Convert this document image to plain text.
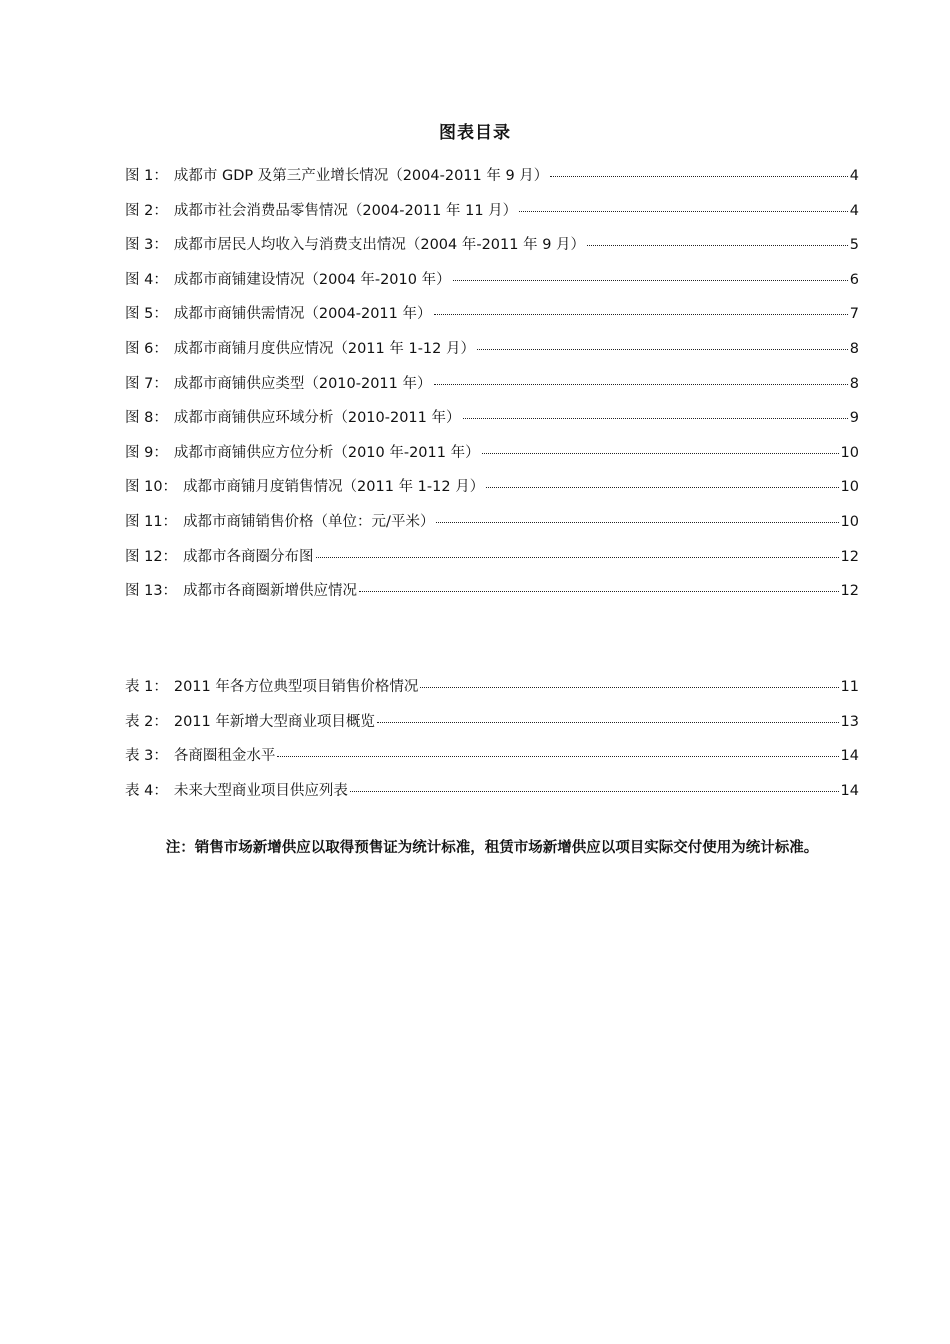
图表目录
图 1： 成都市 GDP 及第三产业增长情况（2004-2011 年 9 月）	4
图 2： 成都市社会消费品零售情况（2004-2011 年 11 月）	4
图 3： 成都市居民人均收入与消费支出情况（2004 年-2011 年 9 月）	5
图 4： 成都市商铺建设情况（2004 年-2010 年）	6
图 5： 成都市商铺供需情况（2004-2011 年）	7
图 6： 成都市商铺月度供应情况（2011 年 1-12 月）	8
图 7： 成都市商铺供应类型（2010-2011 年）	8
图 8： 成都市商铺供应环域分析（2010-2011 年）	9
图 9： 成都市商铺供应方位分析（2010 年-2011 年）	10
图 10： 成都市商铺月度销售情况（2011 年 1-12 月）	10
图 11： 成都市商铺销售价格（单位：元/平米）	10
图 12： 成都市各商圈分布图	12
图 13： 成都市各商圈新增供应情况	12
表 1： 2011 年各方位典型项目销售价格情况	11
表 2： 2011 年新增大型商业项目概览	13
表 3： 各商圈租金水平	14
表 4： 未来大型商业项目供应列表	14
注：销售市场新增供应以取得预售证为统计标准，租赁市场新增供应以项目实际交付使用为统计标准。
